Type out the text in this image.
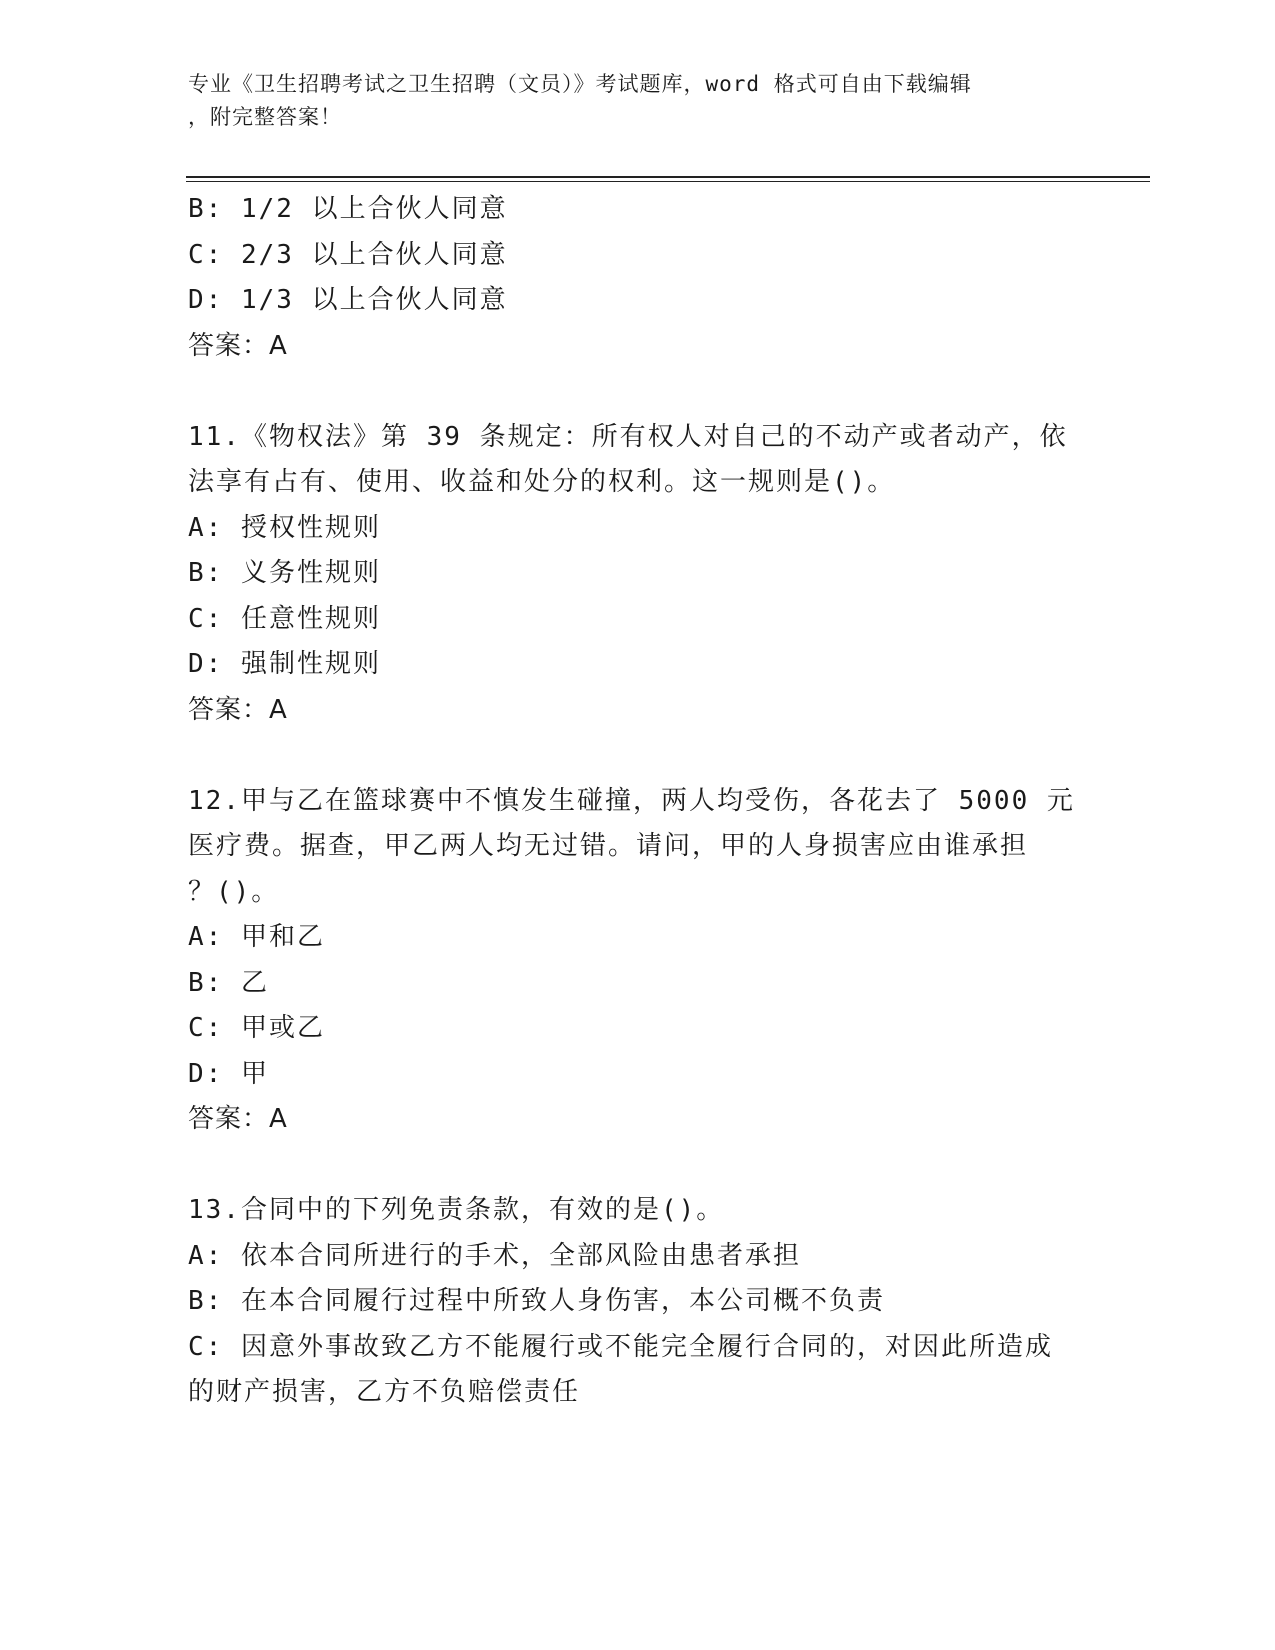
专业《卫生招聘考试之卫生招聘（文员）》考试题库，word 格式可自由下载编辑
，附完整答案！
B: 1/2 以上合伙人同意
C: 2/3 以上合伙人同意
D: 1/3 以上合伙人同意
答案：A
11.《物权法》第 39 条规定：所有权人对自己的不动产或者动产，依
法享有占有、使用、收益和处分的权利。这一规则是()。
A: 授权性规则
B: 义务性规则
C: 任意性规则
D: 强制性规则
答案：A
12.甲与乙在篮球赛中不慎发生碰撞，两人均受伤，各花去了 5000 元
医疗费。据查，甲乙两人均无过错。请问，甲的人身损害应由谁承担
？()。
A: 甲和乙
B: 乙
C: 甲或乙
D: 甲
答案：A
13.合同中的下列免责条款，有效的是()。
A: 依本合同所进行的手术，全部风险由患者承担
B: 在本合同履行过程中所致人身伤害，本公司概不负责
C: 因意外事故致乙方不能履行或不能完全履行合同的，对因此所造成
的财产损害，乙方不负赔偿责任
